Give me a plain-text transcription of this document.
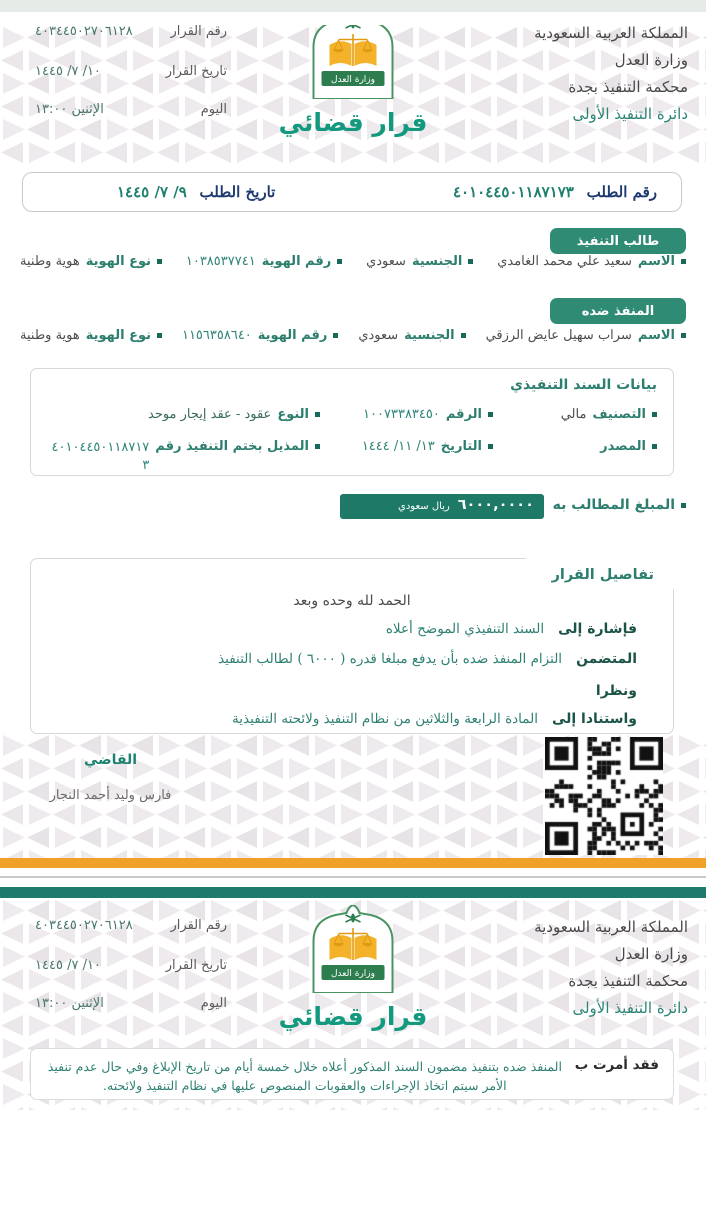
المملكة العربية السعودية
وزارة العدل
محكمة التنفيذ بجدة
دائرة التنفيذ الأولى
رقم القرار
٤٠٣٤٤٥٠٢٧٠٦١٢٨
تاريخ القرار
١٠/ ٧/ ١٤٤٥
اليوم
الإثنين ١٣:٠٠
وزارة العدل
قرار قضائي
رقم الطلب ٤٠١٠٤٤٥٠١١٨٧١٧٣
تاريخ الطلب ٩/ ٧/ ١٤٤٥
طالب التنفيذ
الاسم
سعيد علي محمد الغامدي
الجنسية
سعودي
رقم الهوية
١٠٣٨٥٣٧٧٤١
نوع الهوية
هوية وطنية
المنفذ ضده
الاسم
سراب سهيل عايض الرزقي
الجنسية
سعودي
رقم الهوية
١١٥٦٣٥٨٦٤٠
نوع الهوية
هوية وطنية
بيانات السند التنفيذي
التصنيف
مالي
الرقم
١٠٠٧٣٣٨٣٤٥٠
النوع
عقود - عقد إيجار موحد
المصدر
التاريخ
١٣/ ١١/ ١٤٤٤
المذيل بختم التنفيذ رقم
٤٠١٠٤٤٥٠١١٨٧١٧٣
المبلغ المطالب به
٦٠٠٠,٠٠٠٠
ريال سعودي
تفاصيل القرار
الحمد لله وحده وبعد
فإشارة إلى
السند التنفيذي الموضح أعلاه
المتضمن
التزام المنفذ ضده بأن يدفع مبلغا قدره ( ٦٠٠٠ ) لطالب التنفيذ
ونظرا
واستنادا إلى
المادة الرابعة والثلاثين من نظام التنفيذ ولائحته التنفيذية
القاضي
فارس وليد أحمد النجار
المملكة العربية السعودية
وزارة العدل
محكمة التنفيذ بجدة
دائرة التنفيذ الأولى
رقم القرار
٤٠٣٤٤٥٠٢٧٠٦١٢٨
تاريخ القرار
١٠/ ٧/ ١٤٤٥
اليوم
الإثنين ١٣:٠٠
وزارة العدل
قرار قضائي
فقد أمرت ب

المنفذ ضده بتنفيذ مضمون السند المذكور أعلاه خلال خمسة أيام من تاريخ الإبلاغ وفي حال عدم تنفيذ الأمر سيتم اتخاذ الإجراءات والعقوبات المنصوص عليها في نظام التنفيذ ولائحته.
